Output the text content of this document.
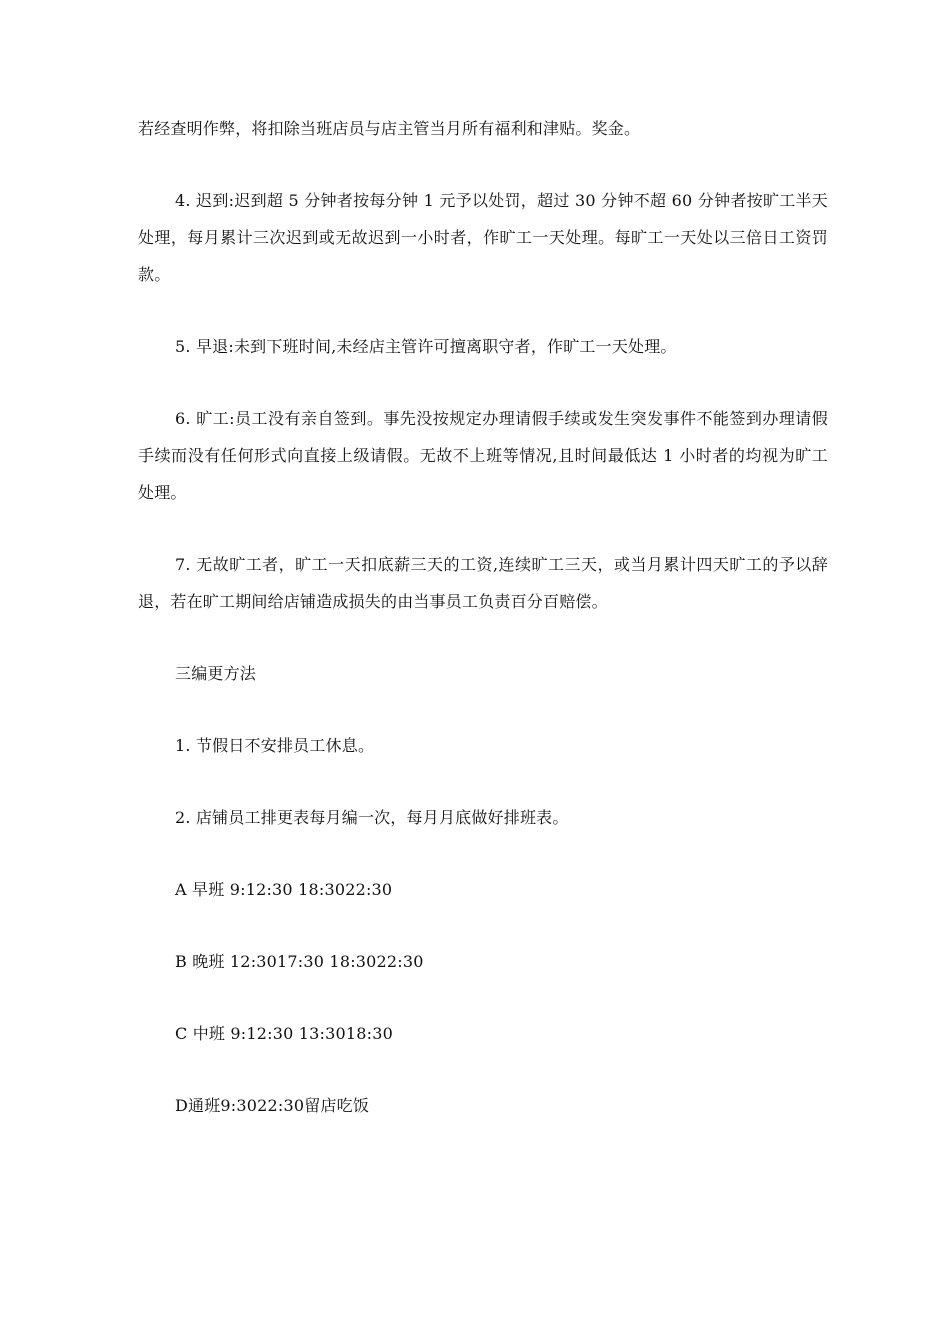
若经查明作弊，将扣除当班店员与店主管当月所有福利和津贴。奖金。

4. 迟到:迟到超 5 分钟者按每分钟 1 元予以处罚，超过 30 分钟不超 60 分钟者按旷工半天处理，每月累计三次迟到或无故迟到一小时者，作旷工一天处理。每旷工一天处以三倍日工资罚款。

5. 早退:未到下班时间,未经店主管许可擅离职守者，作旷工一天处理。

6. 旷工:员工没有亲自签到。事先没按规定办理请假手续或发生突发事件不能签到办理请假手续而没有任何形式向直接上级请假。无故不上班等情况,且时间最低达 1 小时者的均视为旷工处理。

7. 无故旷工者，旷工一天扣底薪三天的工资,连续旷工三天，或当月累计四天旷工的予以辞退，若在旷工期间给店铺造成损失的由当事员工负责百分百赔偿。

三编更方法

1. 节假日不安排员工休息。

2. 店铺员工排更表每月编一次，每月月底做好排班表。

A 早班 9:12:30 18:3022:30

B 晚班 12:3017:30 18:3022:30

C 中班 9:12:30 13:3018:30

D通班9:3022:30留店吃饭
